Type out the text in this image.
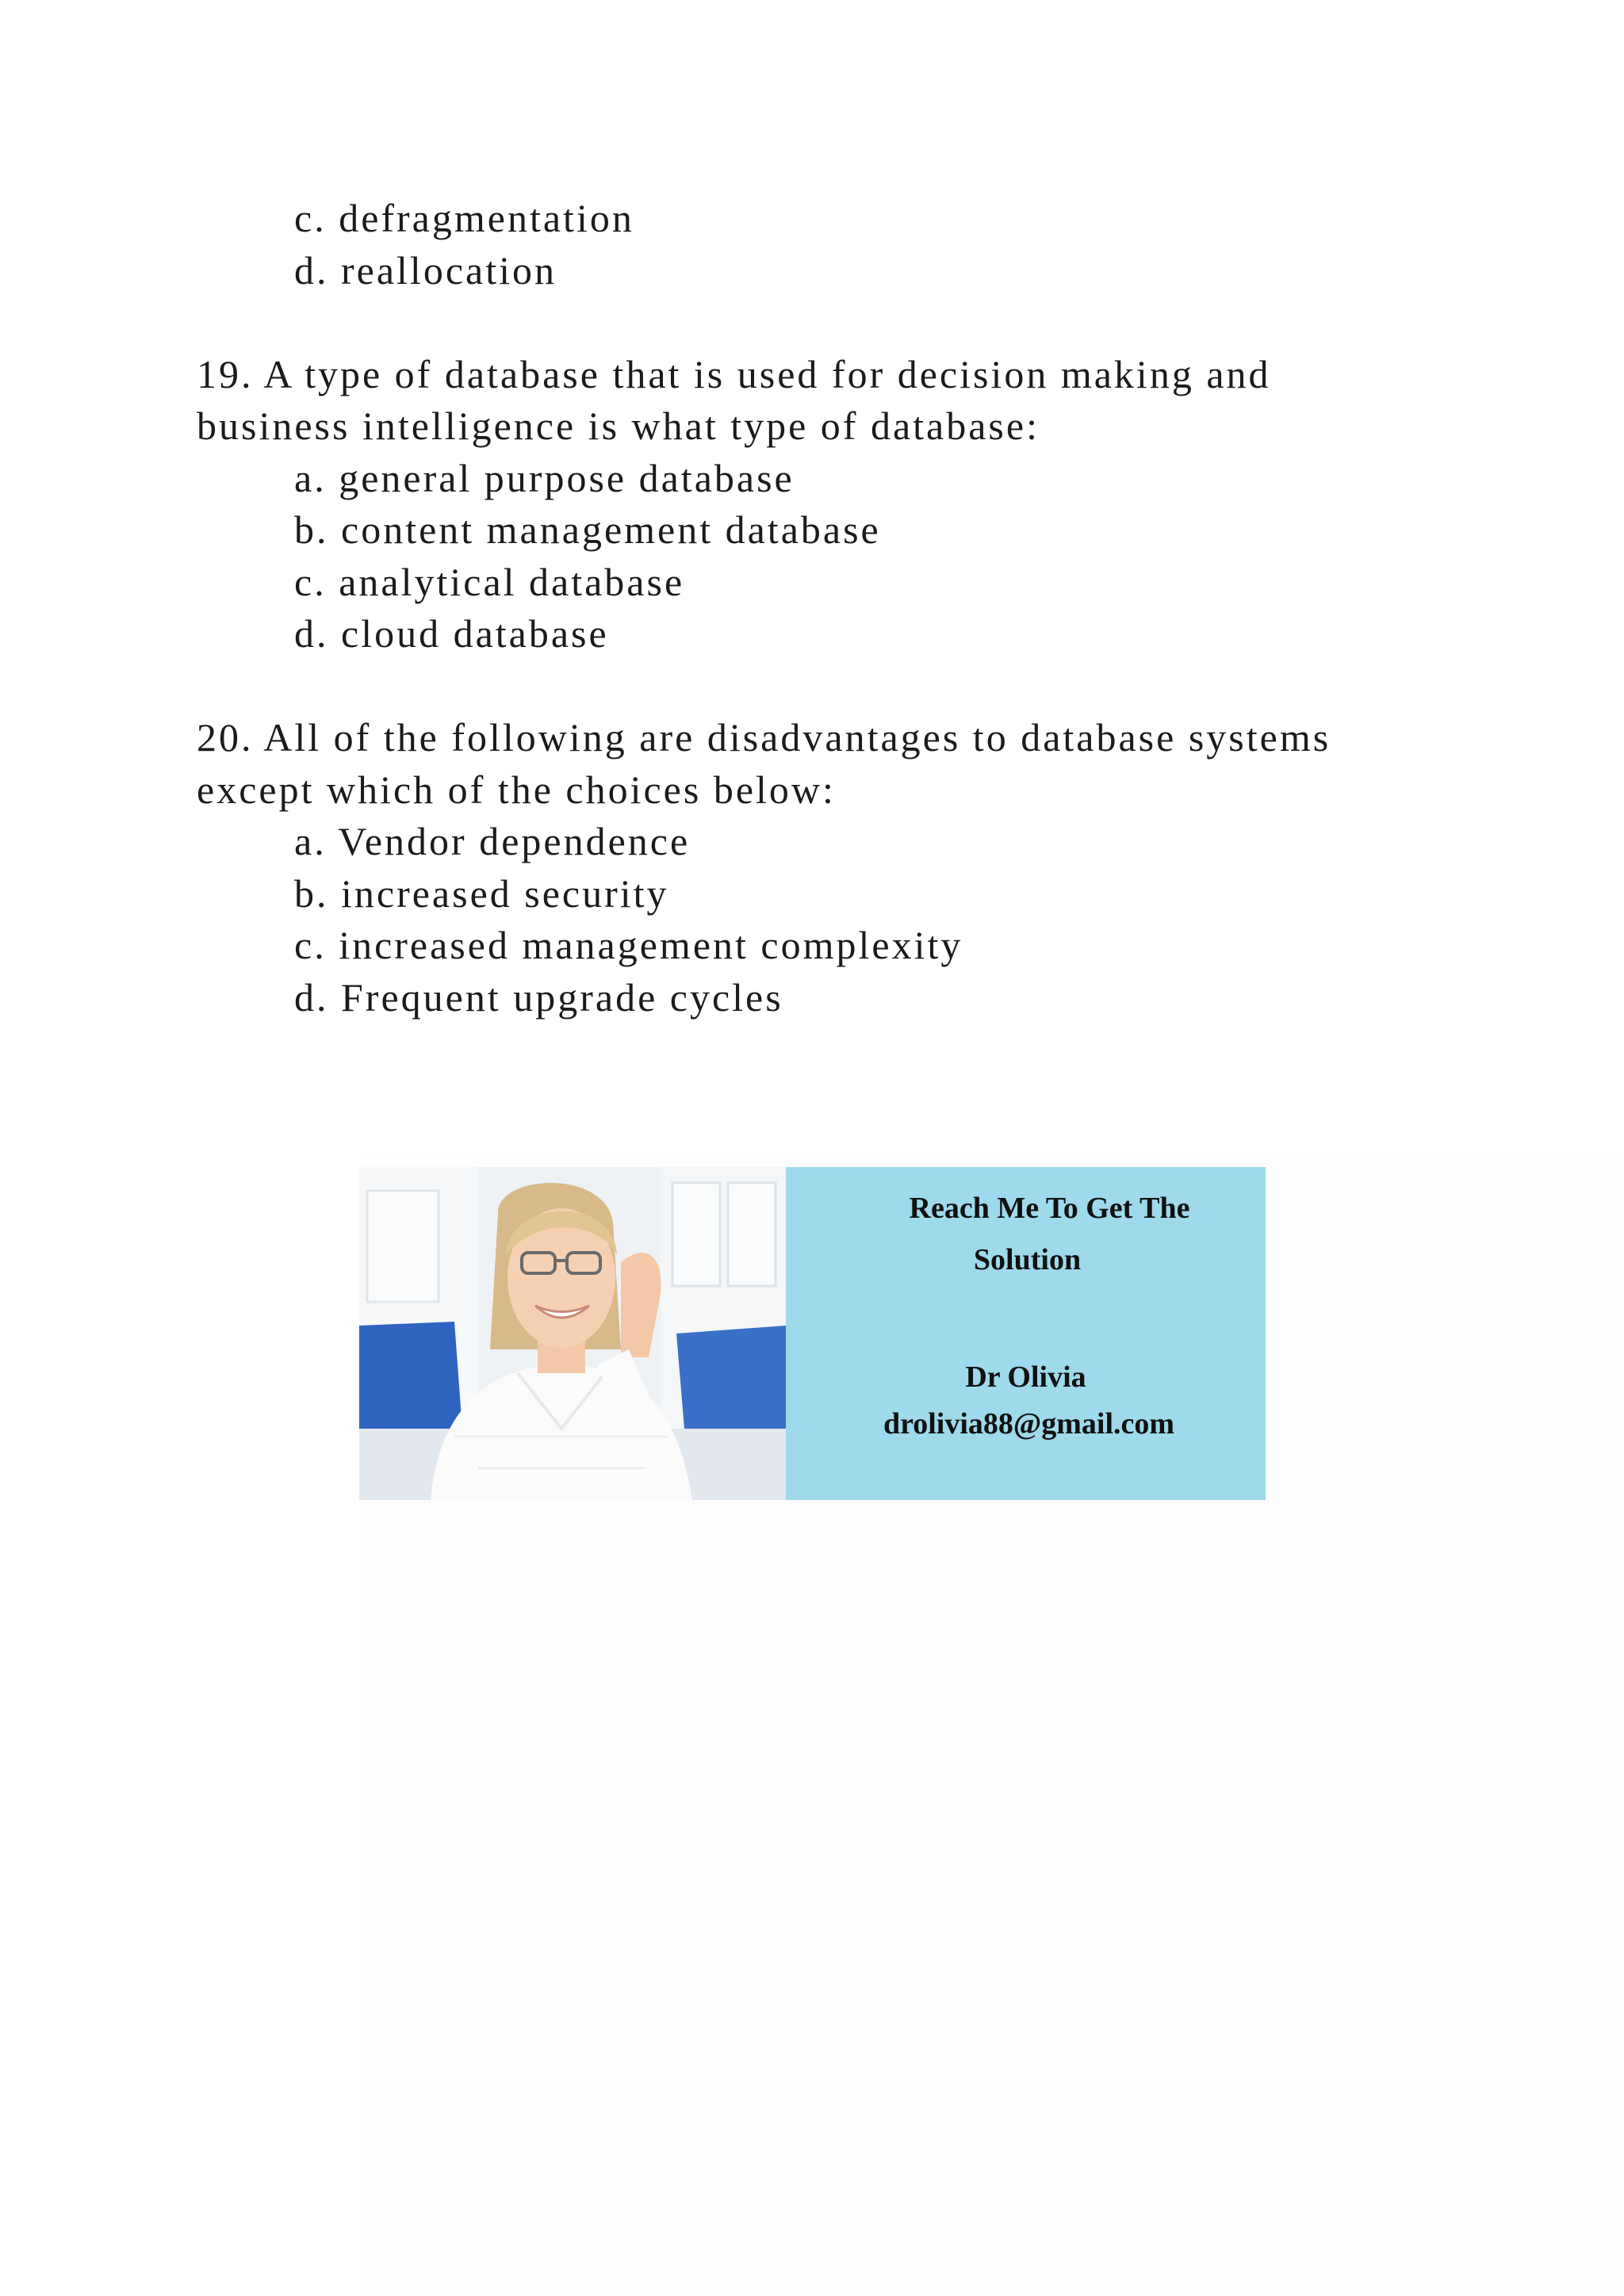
c. defragmentation
d. reallocation
19. A type of database that is used for decision making and
business intelligence is what type of database:
a. general purpose database
b. content management database
c. analytical database
d. cloud database
20. All of the following are disadvantages to database systems
except which of the choices below:
a. Vendor dependence
b. increased security
c. increased management complexity
d. Frequent upgrade cycles
Reach Me To Get The
Solution
Dr Olivia
drolivia88@gmail.com
